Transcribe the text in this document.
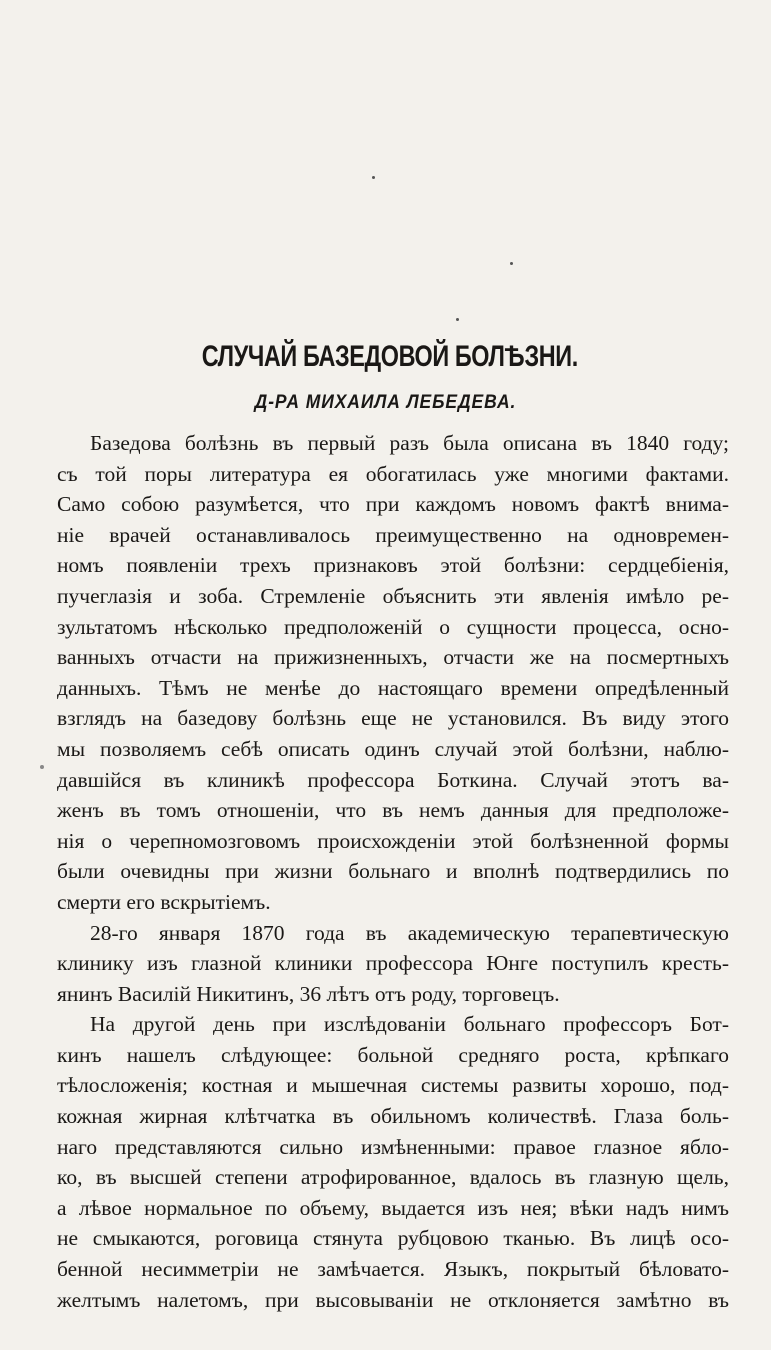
СЛУЧАЙ БАЗЕДОВОЙ БОЛѢЗНИ.
Д-РА МИХАИЛА ЛЕБЕДЕВА.
Базедова болѣзнь въ первый разъ была описана въ 1840 году;
съ той поры литература ея обогатилась уже многими фактами.
Само собою разумѣется, что при каждомъ новомъ фактѣ внима-
ніе врачей останавливалось преимущественно на одновремен-
номъ появленіи трехъ признаковъ этой болѣзни: сердцебіенія,
пучеглазія и зоба. Стремленіе объяснить эти явленія имѣло ре-
зультатомъ нѣсколько предположеній о сущности процесса, осно-
ванныхъ отчасти на прижизненныхъ, отчасти же на посмертныхъ
данныхъ. Тѣмъ не менѣе до настоящаго времени опредѣленный
взглядъ на базедову болѣзнь еще не установился. Въ виду этого
мы позволяемъ себѣ описать одинъ случай этой болѣзни, наблю-
давшійся въ клиникѣ профессора Боткина. Случай этотъ ва-
женъ въ томъ отношеніи, что въ немъ данныя для предположе-
нія о черепномозговомъ происхожденіи этой болѣзненной формы
были очевидны при жизни больнаго и вполнѣ подтвердились по
смерти его вскрытіемъ.
28-го января 1870 года въ академическую терапевтическую
клинику изъ глазной клиники профессора Юнге поступилъ кресть-
янинъ Василій Никитинъ, 36 лѣтъ отъ роду, торговецъ.
На другой день при изслѣдованіи больнаго профессоръ Бот-
кинъ нашелъ слѣдующее: больной средняго роста, крѣпкаго
тѣлосложенія; костная и мышечная системы развиты хорошо, под-
кожная жирная клѣтчатка въ обильномъ количествѣ. Глаза боль-
наго представляются сильно измѣненными: правое глазное ябло-
ко, въ высшей степени атрофированное, вдалось въ глазную щель,
а лѣвое нормальное по объему, выдается изъ нея; вѣки надъ нимъ
не смыкаются, роговица стянута рубцовою тканью. Въ лицѣ осо-
бенной несимметріи не замѣчается. Языкъ, покрытый бѣловато-
желтымъ налетомъ, при высовываніи не отклоняется замѣтно въ
